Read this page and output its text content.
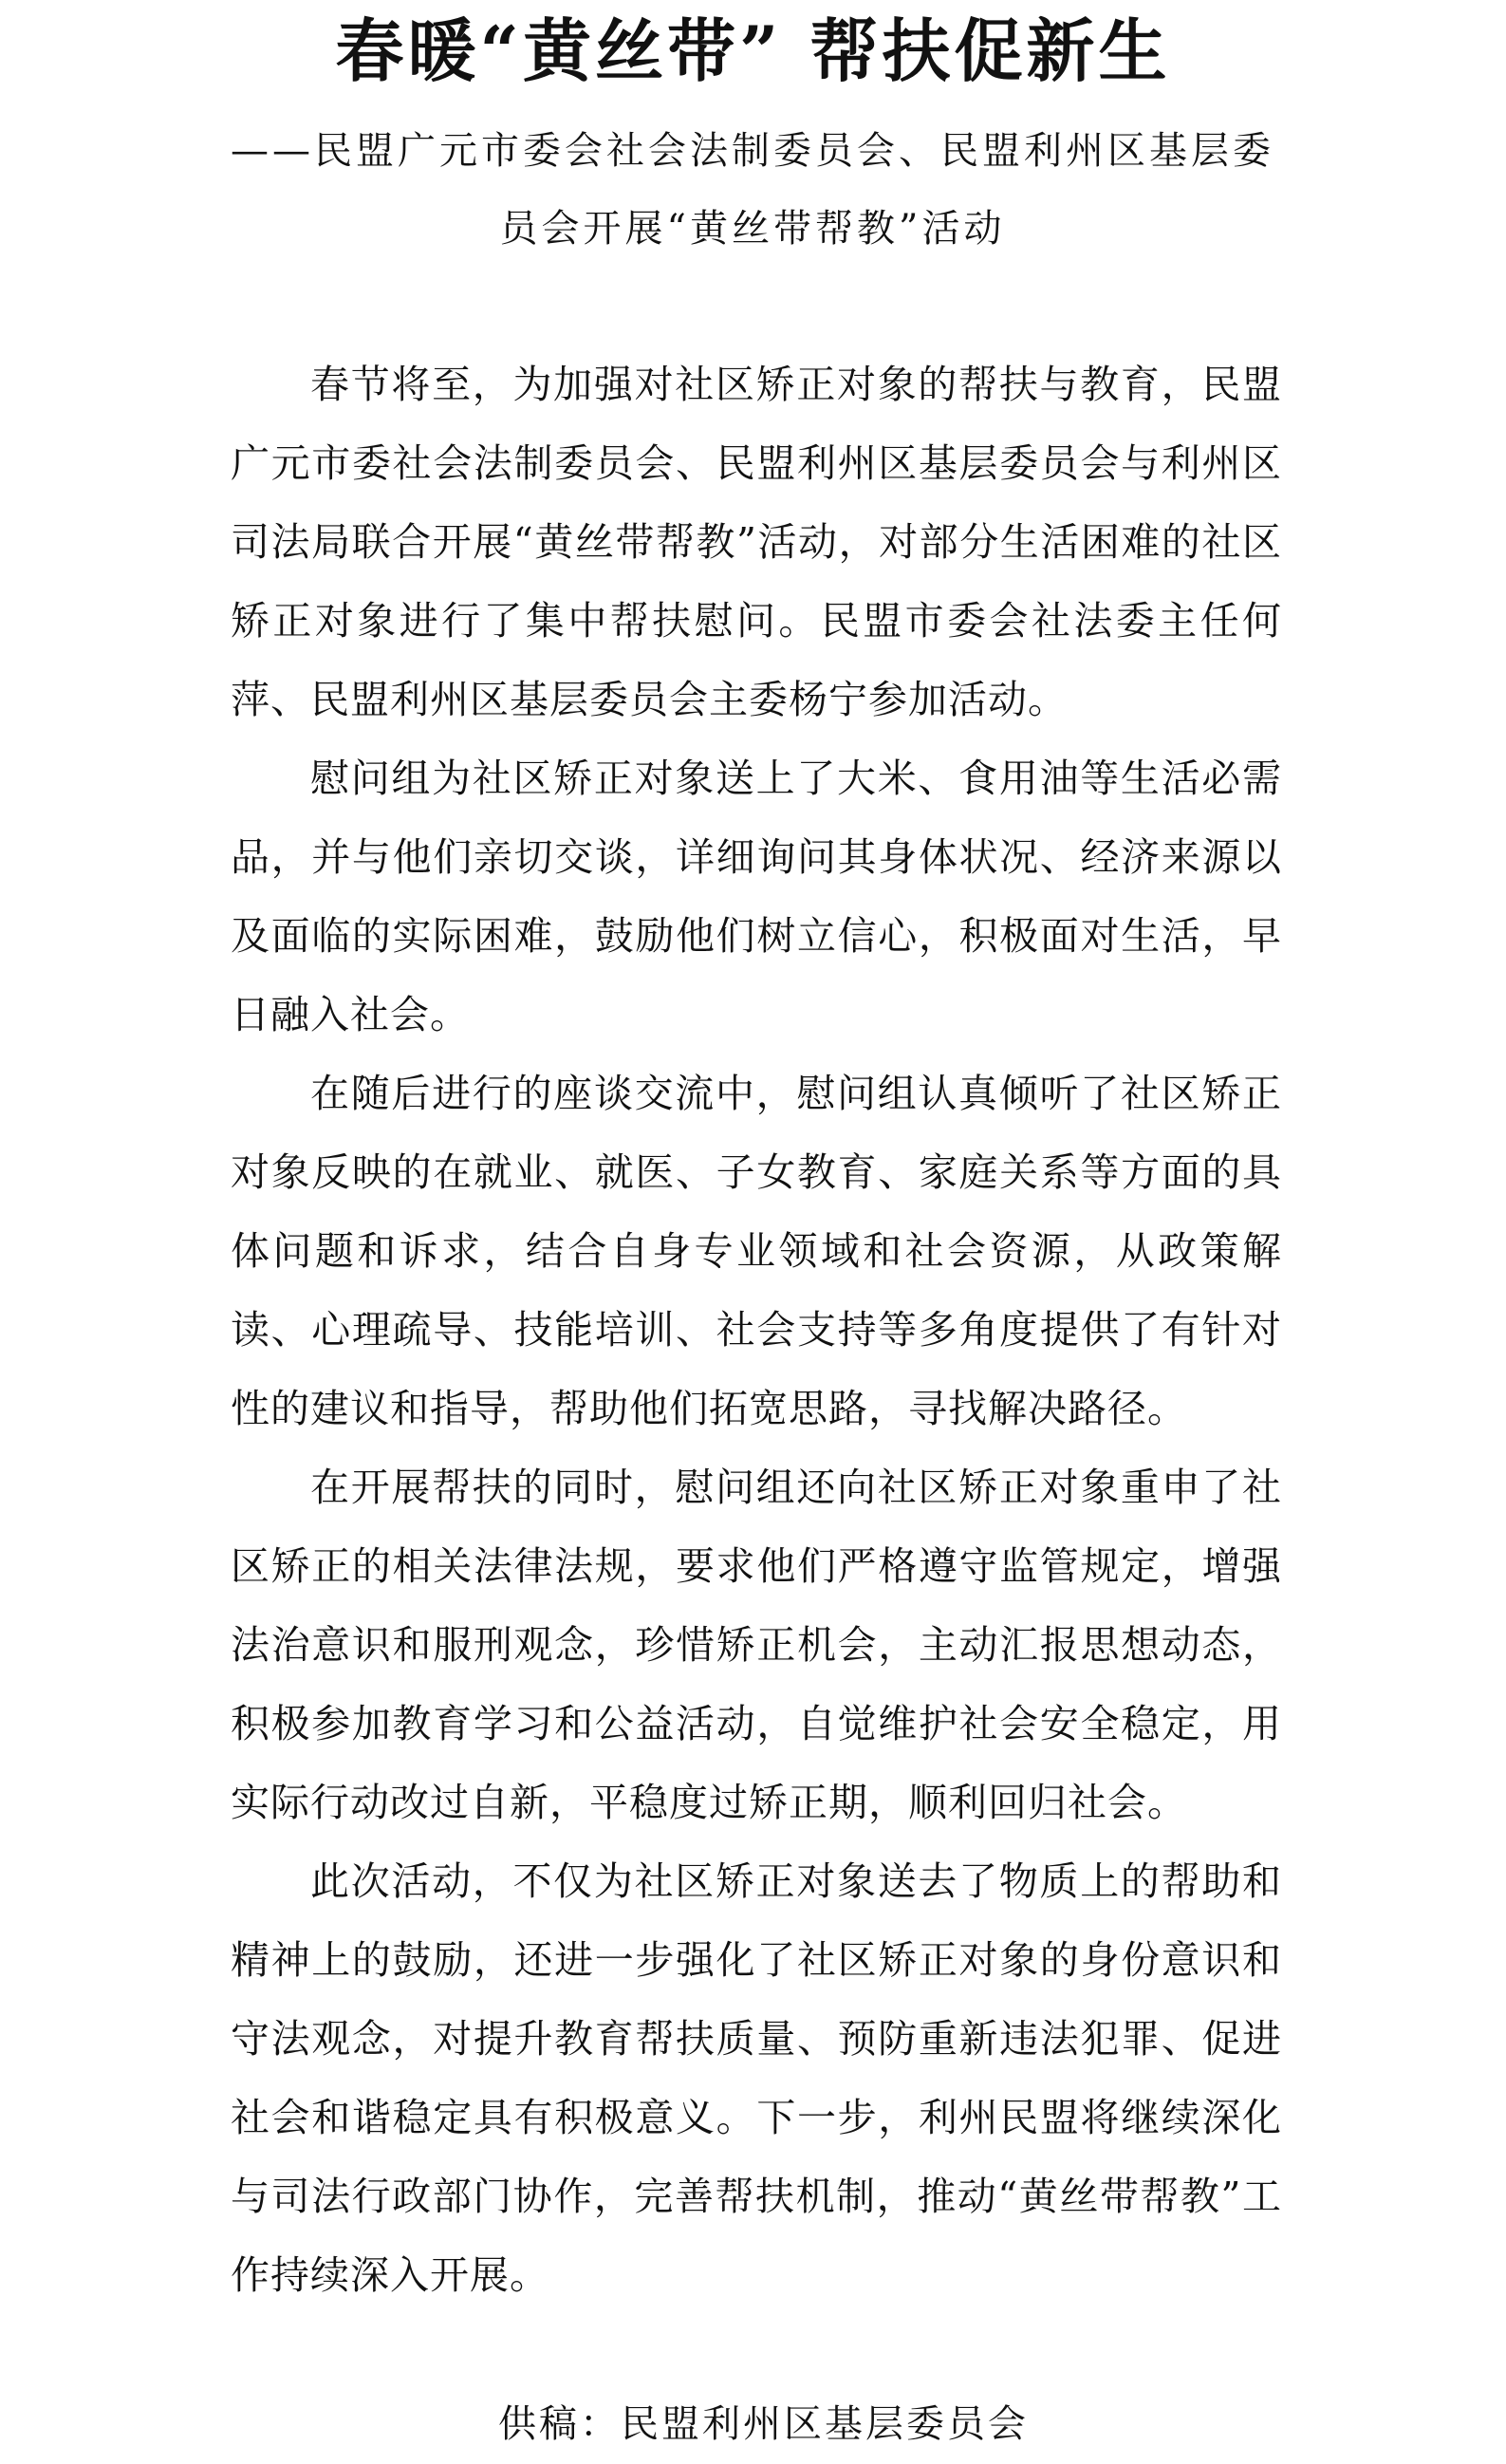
春暖“黄丝带” 帮扶促新生
——民盟广元市委会社会法制委员会、民盟利州区基层委员会开展“黄丝带帮教”活动

春节将至，为加强对社区矫正对象的帮扶与教育，民盟广元市委社会法制委员会、民盟利州区基层委员会与利州区司法局联合开展“黄丝带帮教”活动，对部分生活困难的社区矫正对象进行了集中帮扶慰问。民盟市委会社法委主任何萍、民盟利州区基层委员会主委杨宁参加活动。

慰问组为社区矫正对象送上了大米、食用油等生活必需品，并与他们亲切交谈，详细询问其身体状况、经济来源以及面临的实际困难，鼓励他们树立信心，积极面对生活，早日融入社会。

在随后进行的座谈交流中，慰问组认真倾听了社区矫正对象反映的在就业、就医、子女教育、家庭关系等方面的具体问题和诉求，结合自身专业领域和社会资源，从政策解读、心理疏导、技能培训、社会支持等多角度提供了有针对性的建议和指导，帮助他们拓宽思路，寻找解决路径。

在开展帮扶的同时，慰问组还向社区矫正对象重申了社区矫正的相关法律法规，要求他们严格遵守监管规定，增强法治意识和服刑观念，珍惜矫正机会，主动汇报思想动态，积极参加教育学习和公益活动，自觉维护社会安全稳定，用实际行动改过自新，平稳度过矫正期，顺利回归社会。

此次活动，不仅为社区矫正对象送去了物质上的帮助和精神上的鼓励，还进一步强化了社区矫正对象的身份意识和守法观念，对提升教育帮扶质量、预防重新违法犯罪、促进社会和谐稳定具有积极意义。下一步，利州民盟将继续深化与司法行政部门协作，完善帮扶机制，推动“黄丝带帮教”工作持续深入开展。

供稿：民盟利州区基层委员会
